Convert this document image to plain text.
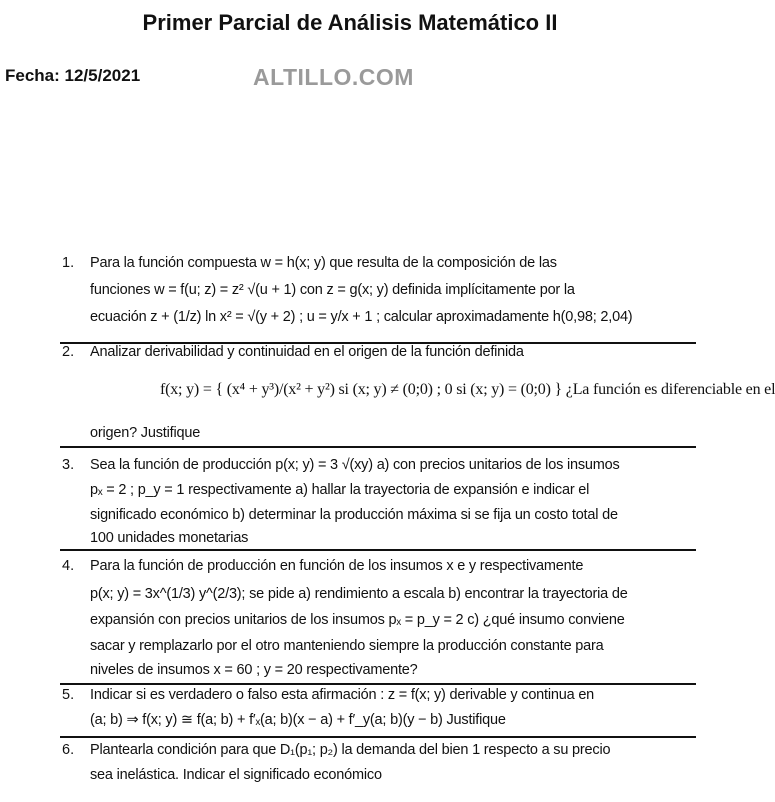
Primer Parcial de Análisis Matemático II
Fecha: 12/5/2021	ALTILLO.COM
1. Para la función compuesta w = h(x; y) que resulta de la composición de las
funciones w = f(u; z) = z² √(u + 1) con z = g(x; y) definida implícitamente por la
ecuación z + (1/z) ln x² = √(y + 2) ; u = y/x + 1 ; calcular aproximadamente h(0,98; 2,04)
2. Analizar derivabilidad y continuidad en el origen de la función definida
f(x; y) = { (x⁴ + y³)/(x² + y²) si (x; y) ≠ (0;0) ; 0 si (x; y) = (0;0) } ¿La función es diferenciable en el
origen? Justifique
3. Sea la función de producción p(x; y) = 3 √(xy) a) con precios unitarios de los insumos
pₓ = 2 ; p_y = 1 respectivamente a) hallar la trayectoria de expansión e indicar el
significado económico b) determinar la producción máxima si se fija un costo total de
100 unidades monetarias
4. Para la función de producción en función de los insumos x e y respectivamente
p(x; y) = 3x^(1/3) y^(2/3); se pide a) rendimiento a escala b) encontrar la trayectoria de
expansión con precios unitarios de los insumos pₓ = p_y = 2 c) ¿qué insumo conviene
sacar y remplazarlo por el otro manteniendo siempre la producción constante para
niveles de insumos x = 60 ; y = 20 respectivamente?
5. Indicar si es verdadero o falso esta afirmación : z = f(x; y) derivable y continua en
(a; b) ⇒ f(x; y) ≅ f(a; b) + f′ₓ(a; b)(x − a) + f′_y(a; b)(y − b) Justifique
6. Plantearla condición para que D₁(p₁; p₂) la demanda del bien 1 respecto a su precio
sea inelástica. Indicar el significado económico
